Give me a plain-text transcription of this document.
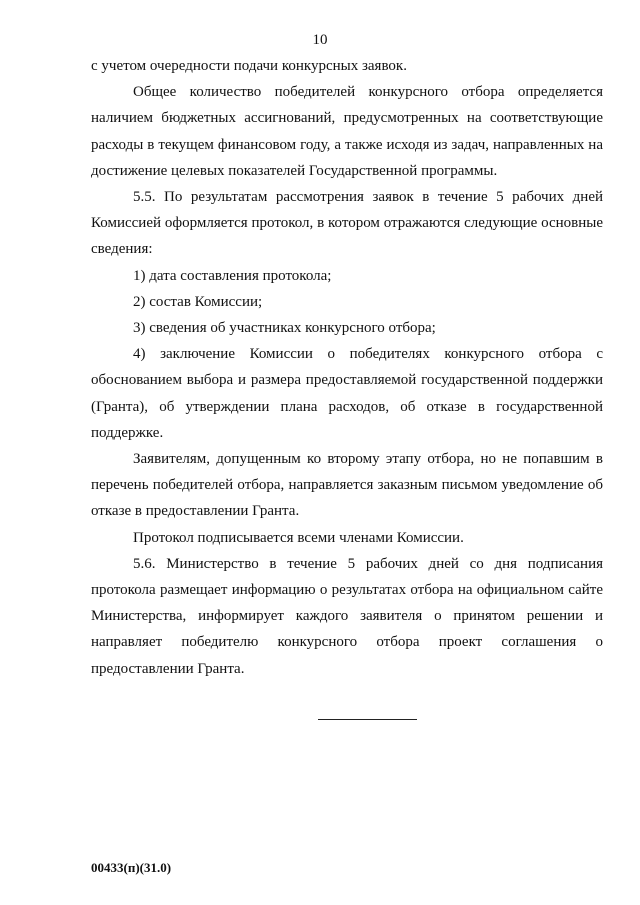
10

с учетом очередности подачи конкурсных заявок.

Общее количество победителей конкурсного отбора определяется наличием бюджетных ассигнований, предусмотренных на соответствующие расходы в текущем финансовом году, а также исходя из задач, направленных на достижение целевых показателей Государственной программы.

5.5. По результатам рассмотрения заявок в течение 5 рабочих дней Комиссией оформляется протокол, в котором отражаются следующие основные сведения:

1) дата составления протокола;

2) состав Комиссии;

3) сведения об участниках конкурсного отбора;

4) заключение Комиссии о победителях конкурсного отбора с обоснованием выбора и размера предоставляемой государственной поддержки (Гранта), об утверждении плана расходов, об отказе в государственной поддержке.

Заявителям, допущенным ко второму этапу отбора, но не попавшим в перечень победителей отбора, направляется заказным письмом уведомление об отказе в предоставлении Гранта.

Протокол подписывается всеми членами Комиссии.

5.6. Министерство в течение 5 рабочих дней со дня подписания протокола размещает информацию о результатах отбора на официальном сайте Министерства, информирует каждого заявителя о принятом решении и направляет победителю конкурсного отбора проект соглашения о предоставлении Гранта.

00433(п)(31.0)
